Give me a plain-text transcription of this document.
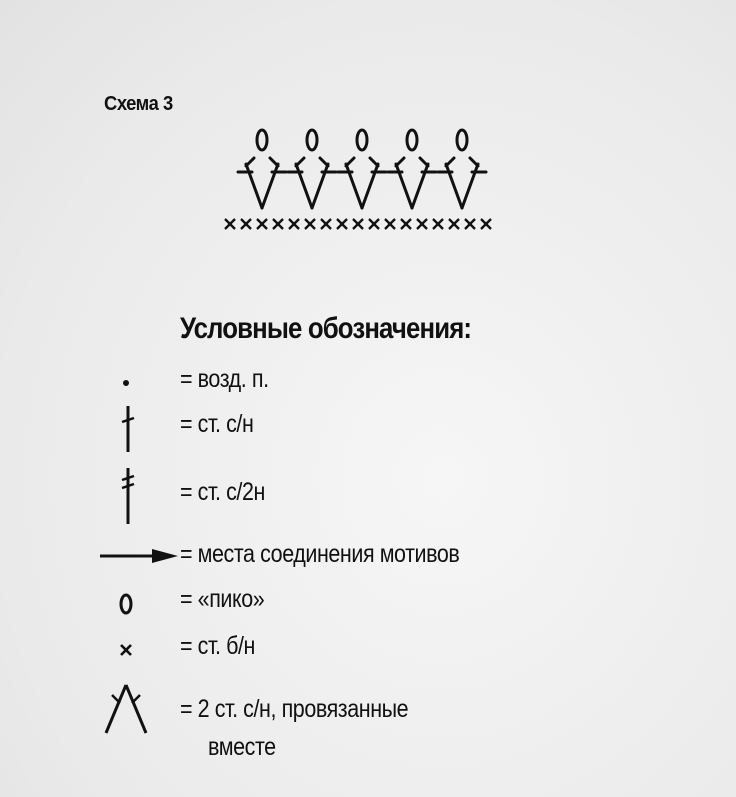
Схема 3
Условные обозначения:
= возд. п.
= ст. с/н
= ст. с/2н
= места соединения мотивов
= «пико»
= ст. б/н
= 2 ст. с/н, провязанные
вместе
